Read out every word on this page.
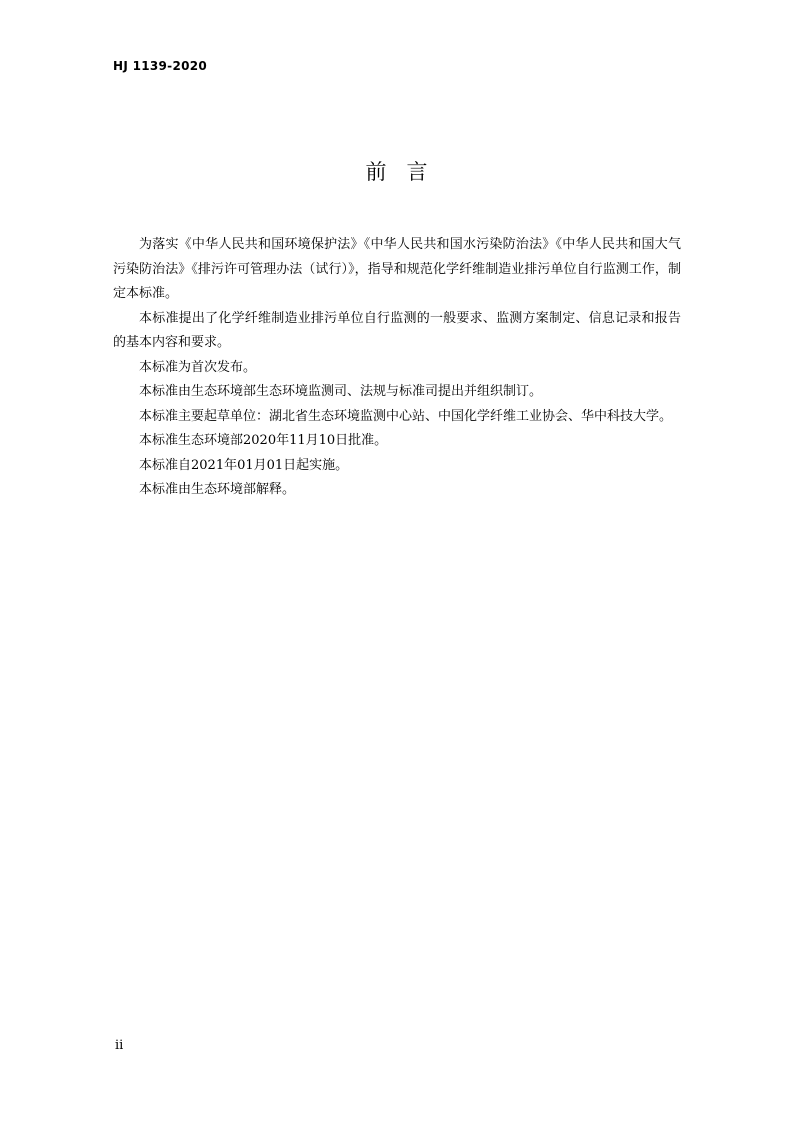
HJ 1139-2020
前言

为落实《中华人民共和国环境保护法》《中华人民共和国水污染防治法》《中华人民共和国大气污染防治法》《排污许可管理办法（试行）》，指导和规范化学纤维制造业排污单位自行监测工作，制定本标准。

本标准提出了化学纤维制造业排污单位自行监测的一般要求、监测方案制定、信息记录和报告的基本内容和要求。

本标准为首次发布。

本标准由生态环境部生态环境监测司、法规与标准司提出并组织制订。

本标准主要起草单位：湖北省生态环境监测中心站、中国化学纤维工业协会、华中科技大学。

本标准生态环境部2020年11月10日批准。

本标准自2021年01月01日起实施。

本标准由生态环境部解释。

ii
